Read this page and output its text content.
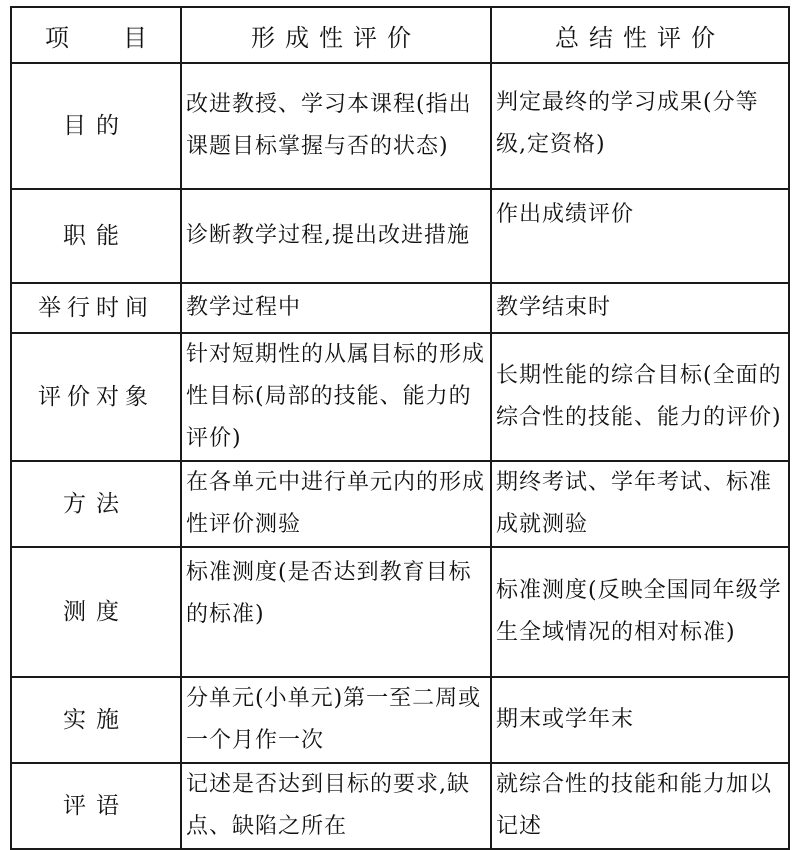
项 目	形成性评价	总结性评价
目的	改进教授、学习本课程(指出课题目标掌握与否的状态)	判定最终的学习成果(分等级,定资格)
职能	诊断教学过程,提出改进措施	作出成绩评价
举行时间	教学过程中	教学结束时
评价对象	针对短期性的从属目标的形成性目标(局部的技能、能力的评价)	长期性能的综合目标(全面的综合性的技能、能力的评价)
方法	在各单元中进行单元内的形成性评价测验	期终考试、学年考试、标准成就测验
测度	标准测度(是否达到教育目标的标准)	标准测度(反映全国同年级学生全域情况的相对标准)
实施	分单元(小单元)第一至二周或一个月作一次	期末或学年末
评语	记述是否达到目标的要求,缺点、缺陷之所在	就综合性的技能和能力加以记述
